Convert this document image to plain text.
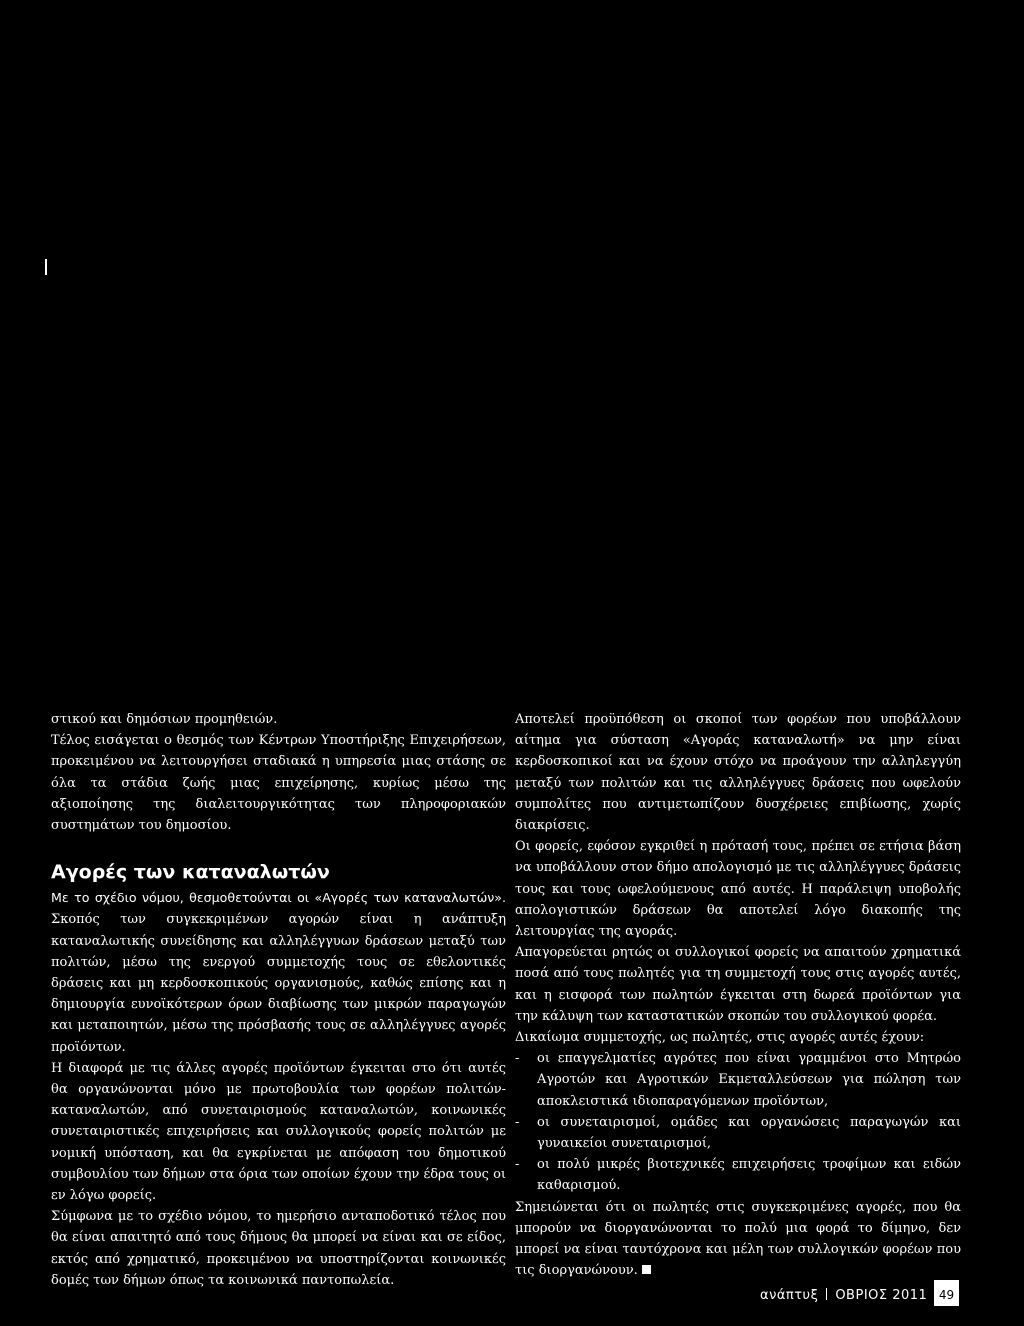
στικού και δημόσιων προμηθειών.

Τέλος εισάγεται ο θεσμός των Κέντρων Υποστήριξης Επιχειρήσεων, προκειμένου να λειτουργήσει σταδιακά η υπηρεσία μιας στάσης σε όλα τα στάδια ζωής μιας επιχείρησης, κυρίως μέσω της αξιοποίησης της διαλειτουργικότητας των πληροφοριακών συστημάτων του δημοσίου.

Αγορές των καταναλωτών

Με το σχέδιο νόμου, θεσμοθετούνται οι «Αγορές των καταναλωτών». Σκοπός των συγκεκριμένων αγορών είναι η ανάπτυξη καταναλωτικής συνείδησης και αλληλέγγυων δράσεων μεταξύ των πολιτών, μέσω της ενεργού συμμετοχής τους σε εθελοντικές δράσεις και μη κερδοσκοπικούς οργανισμούς, καθώς επίσης και η δημιουργία ευνοϊκότερων όρων διαβίωσης των μικρών παραγωγών και μεταποιητών, μέσω της πρόσβασής τους σε αλληλέγγυες αγορές προϊόντων.

Η διαφορά με τις άλλες αγορές προϊόντων έγκειται στο ότι αυτές θα οργανώνονται μόνο με πρωτοβουλία των φορέων πολιτών-καταναλωτών, από συνεταιρισμούς καταναλωτών, κοινωνικές συνεταιριστικές επιχειρήσεις και συλλογικούς φορείς πολιτών με νομική υπόσταση, και θα εγκρίνεται με απόφαση του δημοτικού συμβουλίου των δήμων στα όρια των οποίων έχουν την έδρα τους οι εν λόγω φορείς.

Σύμφωνα με το σχέδιο νόμου, το ημερήσιο ανταποδοτικό τέλος που θα είναι απαιτητό από τους δήμους θα μπορεί να είναι και σε είδος, εκτός από χρηματικό, προκειμένου να υποστηρίζονται κοινωνικές δομές των δήμων όπως τα κοινωνικά παντοπωλεία.

Αποτελεί προϋπόθεση οι σκοποί των φορέων που υποβάλλουν αίτημα για σύσταση «Αγοράς καταναλωτή» να μην είναι κερδοσκοπικοί και να έχουν στόχο να προάγουν την αλληλεγγύη μεταξύ των πολιτών και τις αλληλέγγυες δράσεις που ωφελούν συμπολίτες που αντιμετωπίζουν δυσχέρειες επιβίωσης, χωρίς διακρίσεις.

Οι φορείς, εφόσον εγκριθεί η πρότασή τους, πρέπει σε ετήσια βάση να υποβάλλουν στον δήμο απολογισμό με τις αλληλέγγυες δράσεις τους και τους ωφελούμενους από αυτές. Η παράλειψη υποβολής απολογιστικών δράσεων θα αποτελεί λόγο διακοπής της λειτουργίας της αγοράς.

Απαγορεύεται ρητώς οι συλλογικοί φορείς να απαιτούν χρηματικά ποσά από τους πωλητές για τη συμμετοχή τους στις αγορές αυτές, και η εισφορά των πωλητών έγκειται στη δωρεά προϊόντων για την κάλυψη των καταστατικών σκοπών του συλλογικού φορέα.

Δικαίωμα συμμετοχής, ως πωλητές, στις αγορές αυτές έχουν:

- οι επαγγελματίες αγρότες που είναι γραμμένοι στο Μητρώο Αγροτών και Αγροτικών Εκμεταλλεύσεων για πώληση των αποκλειστικά ιδιοπαραγόμενων προϊόντων,
- οι συνεταιρισμοί, ομάδες και οργανώσεις παραγωγών και γυναικείοι συνεταιρισμοί,
- οι πολύ μικρές βιοτεχνικές επιχειρήσεις τροφίμων και ειδών καθαρισμού.

Σημειώνεται ότι οι πωλητές στις συγκεκριμένες αγορές, που θα μπορούν να διοργανώνονται το πολύ μια φορά το δίμηνο, δεν μπορεί να είναι ταυτόχρονα και μέλη των συλλογικών φορέων που τις διοργανώνουν.

ανάπτυξ ΟΒΡΙΟΣ 2011 49
